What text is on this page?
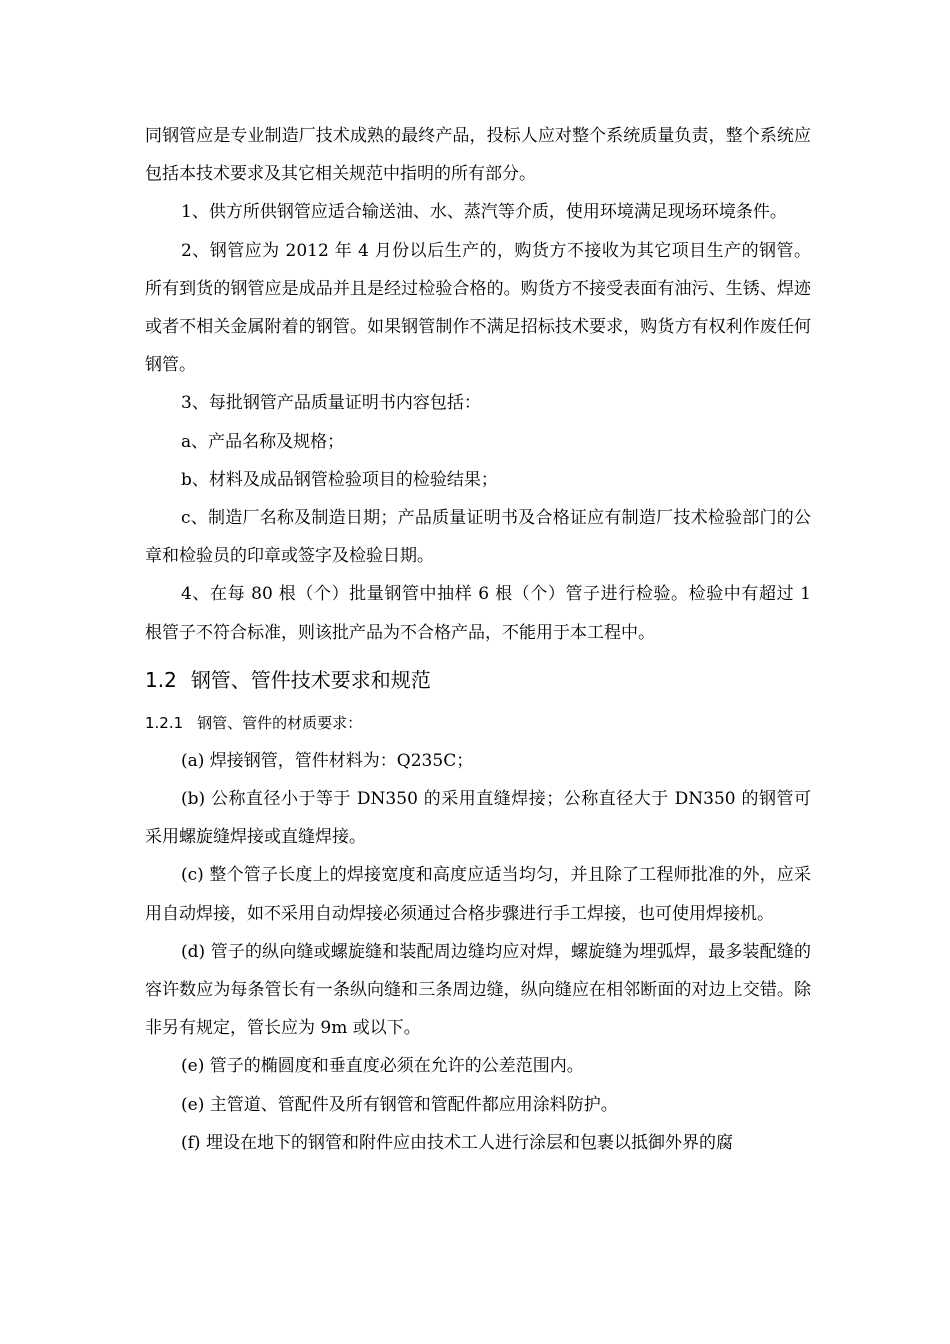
同钢管应是专业制造厂技术成熟的最终产品，投标人应对整个系统质量负责，整个系统应包括本技术要求及其它相关规范中指明的所有部分。

1、供方所供钢管应适合输送油、水、蒸汽等介质，使用环境满足现场环境条件。

2、钢管应为 2012 年 4 月份以后生产的，购货方不接收为其它项目生产的钢管。所有到货的钢管应是成品并且是经过检验合格的。购货方不接受表面有油污、生锈、焊迹或者不相关金属附着的钢管。如果钢管制作不满足招标技术要求，购货方有权利作废任何钢管。

3、每批钢管产品质量证明书内容包括：

a、产品名称及规格；

b、材料及成品钢管检验项目的检验结果；

c、制造厂名称及制造日期；产品质量证明书及合格证应有制造厂技术检验部门的公章和检验员的印章或签字及检验日期。

4、在每 80 根（个）批量钢管中抽样 6 根（个）管子进行检验。检验中有超过 1 根管子不符合标准，则该批产品为不合格产品，不能用于本工程中。

1.2 钢管、管件技术要求和规范
1.2.1 钢管、管件的材质要求：

(a) 焊接钢管，管件材料为：Q235C；

(b) 公称直径小于等于 DN350 的采用直缝焊接；公称直径大于 DN350 的钢管可采用螺旋缝焊接或直缝焊接。

(c) 整个管子长度上的焊接宽度和高度应适当均匀，并且除了工程师批准的外，应采用自动焊接，如不采用自动焊接必须通过合格步骤进行手工焊接，也可使用焊接机。

(d) 管子的纵向缝或螺旋缝和装配周边缝均应对焊，螺旋缝为埋弧焊，最多装配缝的容许数应为每条管长有一条纵向缝和三条周边缝，纵向缝应在相邻断面的对边上交错。除非另有规定，管长应为 9m 或以下。

(e) 管子的椭圆度和垂直度必须在允许的公差范围内。

(e) 主管道、管配件及所有钢管和管配件都应用涂料防护。

(f) 埋设在地下的钢管和附件应由技术工人进行涂层和包裹以抵御外界的腐
